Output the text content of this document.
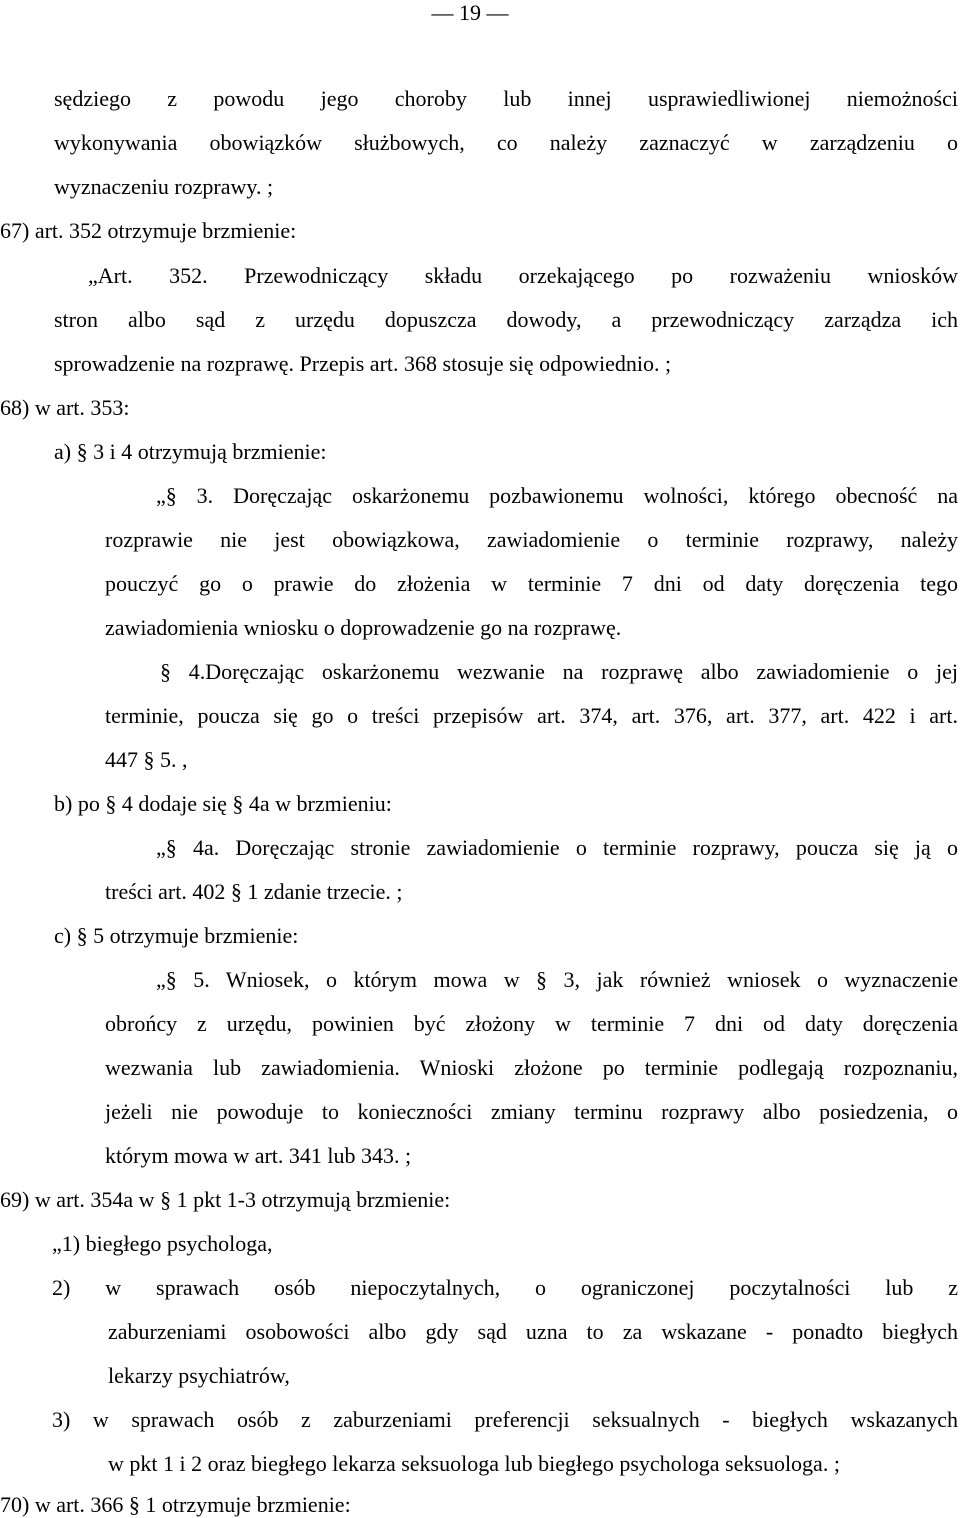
— 19 —
sędziego z powodu jego choroby lub innej usprawiedliwionej niemożności
wykonywania obowiązków służbowych, co należy zaznaczyć w zarządzeniu o
wyznaczeniu rozprawy. ;
67) art. 352 otrzymuje brzmienie:
„Art. 352. Przewodniczący składu orzekającego po rozważeniu wniosków
stron albo sąd z urzędu dopuszcza dowody, a przewodniczący zarządza ich
sprowadzenie na rozprawę. Przepis art. 368 stosuje się odpowiednio. ;
68) w art. 353:
a) § 3 i 4 otrzymują brzmienie:
„§ 3. Doręczając oskarżonemu pozbawionemu wolności, którego obecność na
rozprawie nie jest obowiązkowa, zawiadomienie o terminie rozprawy, należy
pouczyć go o prawie do złożenia w terminie 7 dni od daty doręczenia tego
zawiadomienia wniosku o doprowadzenie go na rozprawę.
§ 4.Doręczając oskarżonemu wezwanie na rozprawę albo zawiadomienie o jej
terminie, poucza się go o treści przepisów art. 374, art. 376, art. 377, art. 422 i art.
447 § 5. ,
b) po § 4 dodaje się § 4a w brzmieniu:
„§ 4a. Doręczając stronie zawiadomienie o terminie rozprawy, poucza się ją o
treści art. 402 § 1 zdanie trzecie. ;
c) § 5 otrzymuje brzmienie:
„§ 5. Wniosek, o którym mowa w § 3, jak również wniosek o wyznaczenie
obrońcy z urzędu, powinien być złożony w terminie 7 dni od daty doręczenia
wezwania lub zawiadomienia. Wnioski złożone po terminie podlegają rozpoznaniu,
jeżeli nie powoduje to konieczności zmiany terminu rozprawy albo posiedzenia, o
którym mowa w art. 341 lub 343. ;
69) w art. 354a w § 1 pkt 1-3 otrzymują brzmienie:
„1) biegłego psychologa,
2) w sprawach osób niepoczytalnych, o ograniczonej poczytalności lub z
zaburzeniami osobowości albo gdy sąd uzna to za wskazane - ponadto biegłych
lekarzy psychiatrów,
3) w sprawach osób z zaburzeniami preferencji seksualnych - biegłych wskazanych
w pkt 1 i 2 oraz biegłego lekarza seksuologa lub biegłego psychologa seksuologa. ;
70) w art. 366 § 1 otrzymuje brzmienie:
